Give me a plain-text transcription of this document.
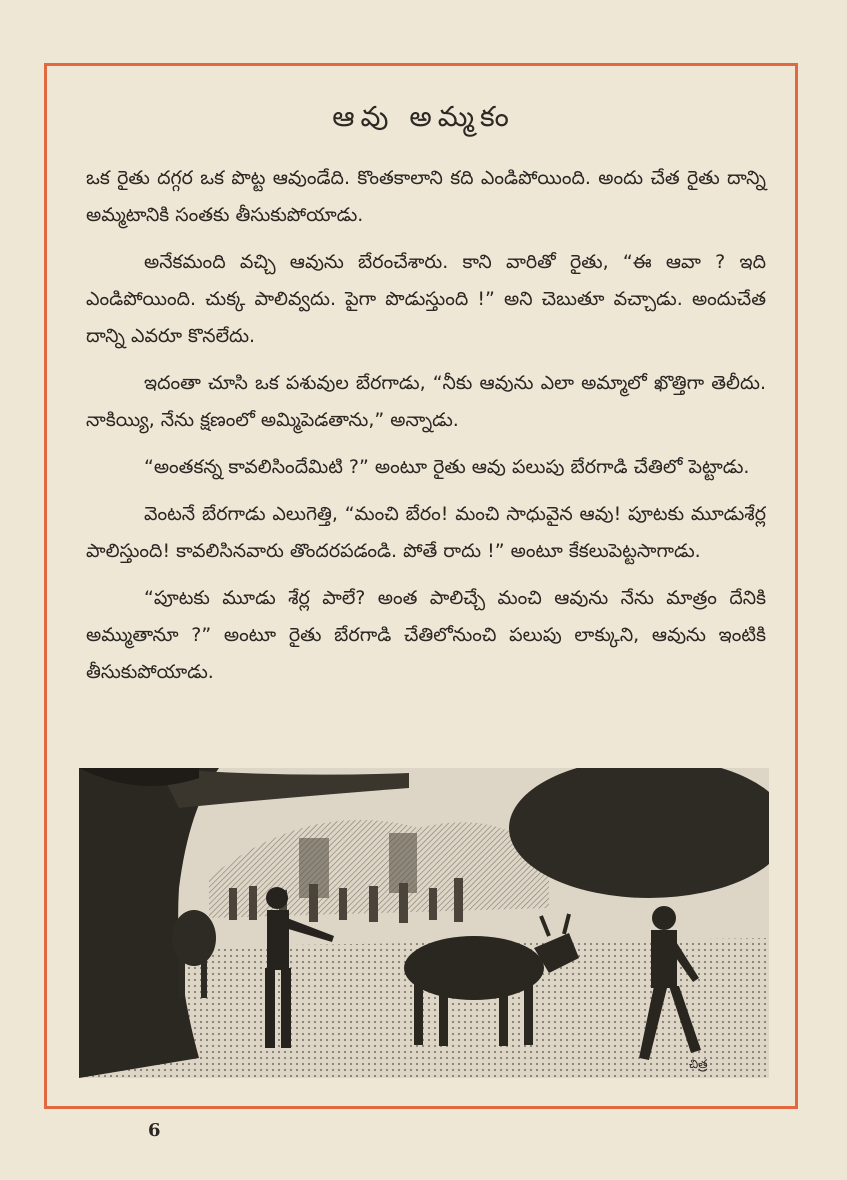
ఆవు అమ్మకం

ఒక రైతు దగ్గర ఒక పొట్ట ఆవుండేది. కొంతకాలాని కది ఎండిపోయింది. అందు చేత రైతు దాన్ని అమ్మటానికి సంతకు తీసుకుపోయాడు.

అనేకమంది వచ్చి ఆవును బేరంచేశారు. కాని వారితో రైతు, “ఈ ఆవా ? ఇది ఎండిపోయింది. చుక్క పాలివ్వదు. పైగా పొడుస్తుంది !” అని చెబుతూ వచ్చాడు. అందుచేత దాన్ని ఎవరూ కొనలేదు.

ఇదంతా చూసి ఒక పశువుల బేరగాడు, “నీకు ఆవును ఎలా అమ్మాలో ఖొత్తిగా తెలీదు. నాకియ్యి, నేను క్షణంలో అమ్మిపెడతాను,” అన్నాడు.

“అంతకన్న కావలిసిందేమిటి ?” అంటూ రైతు ఆవు పలుపు బేరగాడి చేతిలో పెట్టాడు.

వెంటనే బేరగాడు ఎలుగెత్తి, “మంచి బేరం! మంచి సాధువైన ఆవు! పూటకు మూడుశేర్ల పాలిస్తుంది! కావలిసినవారు తొందరపడండి. పోతే రాదు !” అంటూ కేకలుపెట్టసాగాడు.

“పూటకు మూడు శేర్ల పాలే? అంత పాలిచ్చే మంచి ఆవును నేను మాత్రం దేనికి అమ్ముతానూ ?” అంటూ రైతు బేరగాడి చేతిలోనుంచి పలుపు లాక్కుని, ఆవును ఇంటికి తీసుకుపోయాడు.

చిత్ర
6
